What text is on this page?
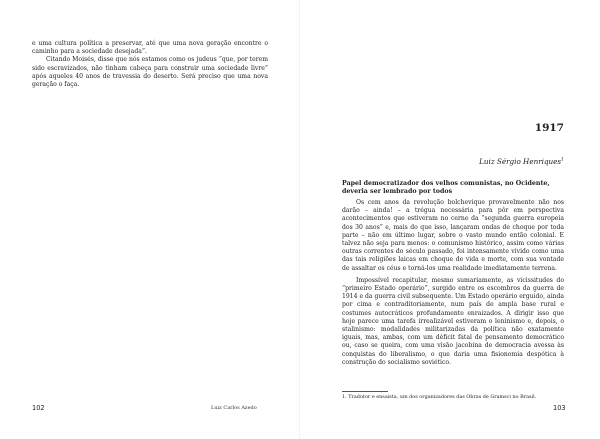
e uma cultura política a preservar, até que uma nova geração encontre o caminho para a sociedade desejada”.

Citando Moisés, disse que nós estamos como os judeus “que, por terem sido escravizados, não tinham cabeça para construir uma sociedade livre” após aqueles 40 anos de travessia do deserto. Será preciso que uma nova geração o faça.

102	Luiz Carlos Azedo
1917
Luiz Sérgio Henriques$^1$

Papel democratizador dos velhos comunistas, no Ocidente, deveria ser lembrado por todos

Os cem anos da revolução bolchevique provavelmente não nos darão – ainda! – a trégua necessária para pôr em perspectiva acontecimentos que estiveram no cerne da “segunda guerra europeia dos 30 anos” e, mais do que isso, lançaram ondas de choque por toda parte – não em último lugar, sobre o vasto mundo então colonial. E talvez não seja para menos: o comunismo histórico, assim como várias outras correntes do século passado, foi intensamente vivido como uma das tais religiões laicas em choque de vida e morte, com sua vontade de assaltar os céus e torná-los uma realidade imediatamente terrena.

Impossível recapitular, mesmo sumariamente, as vicissitudes do “primeiro Estado operário”, surgido entre os escombros da guerra de 1914 e da guerra civil subsequente. Um Estado operário erguido, ainda por cima e contraditoriamente, num país de ampla base rural e costumes autocráticos profundamente enraizados. A dirigir isso que hoje parece uma tarefa irrealizável estiveram o leninismo e, depois, o stalinismo: modalidades militarizadas da política não exatamente iguais, mas, ambas, com um déficit fatal de pensamento democrático ou, caso se queira, com uma visão jacobina de democracia avessa às conquistas do liberalismo, o que daria uma fisionomia despótica à construção do socialismo soviético.

1. Tradutor e ensaísta, um dos organizadores das Obras de Gramsci no Brasil.

103
